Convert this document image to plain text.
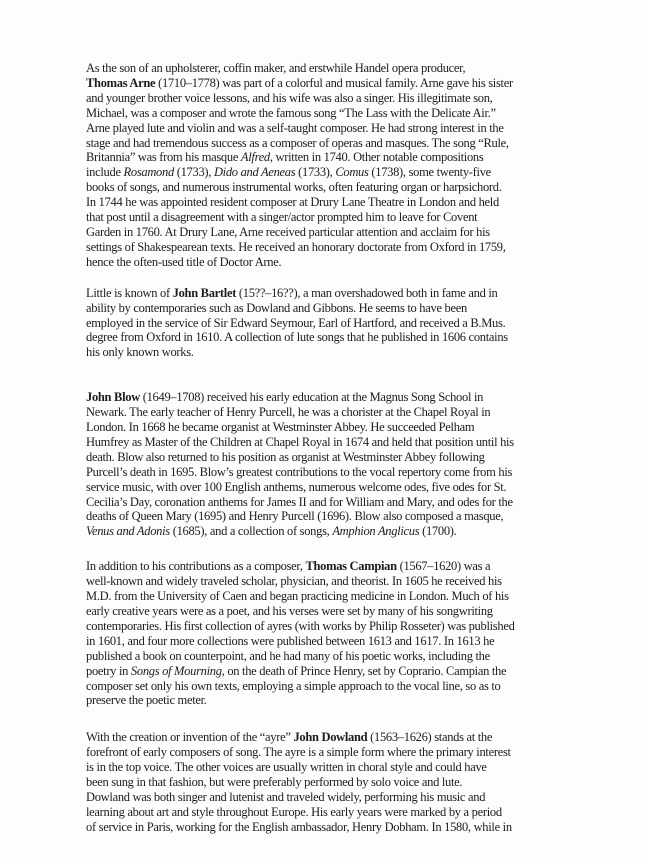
As the son of an upholsterer, coffin maker, and erstwhile Handel opera producer,
Thomas Arne (1710–1778) was part of a colorful and musical family. Arne gave his sister
and younger brother voice lessons, and his wife was also a singer. His illegitimate son,
Michael, was a composer and wrote the famous song “The Lass with the Delicate Air.”
Arne played lute and violin and was a self-taught composer. He had strong interest in the
stage and had tremendous success as a composer of operas and masques. The song “Rule,
Britannia” was from his masque Alfred, written in 1740. Other notable compositions
include Rosamond (1733), Dido and Aeneas (1733), Comus (1738), some twenty-five
books of songs, and numerous instrumental works, often featuring organ or harpsichord.
In 1744 he was appointed resident composer at Drury Lane Theatre in London and held
that post until a disagreement with a singer/actor prompted him to leave for Covent
Garden in 1760. At Drury Lane, Arne received particular attention and acclaim for his
settings of Shakespearean texts. He received an honorary doctorate from Oxford in 1759,
hence the often-used title of Doctor Arne.

Little is known of John Bartlet (15??–16??), a man overshadowed both in fame and in
ability by contemporaries such as Dowland and Gibbons. He seems to have been
employed in the service of Sir Edward Seymour, Earl of Hartford, and received a B.Mus.
degree from Oxford in 1610. A collection of lute songs that he published in 1606 contains
his only known works.

John Blow (1649–1708) received his early education at the Magnus Song School in
Newark. The early teacher of Henry Purcell, he was a chorister at the Chapel Royal in
London. In 1668 he became organist at Westminster Abbey. He succeeded Pelham
Humfrey as Master of the Children at Chapel Royal in 1674 and held that position until his
death. Blow also returned to his position as organist at Westminster Abbey following
Purcell’s death in 1695. Blow’s greatest contributions to the vocal repertory come from his
service music, with over 100 English anthems, numerous welcome odes, five odes for St.
Cecilia’s Day, coronation anthems for James II and for William and Mary, and odes for the
deaths of Queen Mary (1695) and Henry Purcell (1696). Blow also composed a masque,
Venus and Adonis (1685), and a collection of songs, Amphion Anglicus (1700).

In addition to his contributions as a composer, Thomas Campian (1567–1620) was a
well-known and widely traveled scholar, physician, and theorist. In 1605 he received his
M.D. from the University of Caen and began practicing medicine in London. Much of his
early creative years were as a poet, and his verses were set by many of his songwriting
contemporaries. His first collection of ayres (with works by Philip Rosseter) was published
in 1601, and four more collections were published between 1613 and 1617. In 1613 he
published a book on counterpoint, and he had many of his poetic works, including the
poetry in Songs of Mourning, on the death of Prince Henry, set by Coprario. Campian the
composer set only his own texts, employing a simple approach to the vocal line, so as to
preserve the poetic meter.

With the creation or invention of the “ayre” John Dowland (1563–1626) stands at the
forefront of early composers of song. The ayre is a simple form where the primary interest
is in the top voice. The other voices are usually written in choral style and could have
been sung in that fashion, but were preferably performed by solo voice and lute.
Dowland was both singer and lutenist and traveled widely, performing his music and
learning about art and style throughout Europe. His early years were marked by a period
of service in Paris, working for the English ambassador, Henry Dobham. In 1580, while in
